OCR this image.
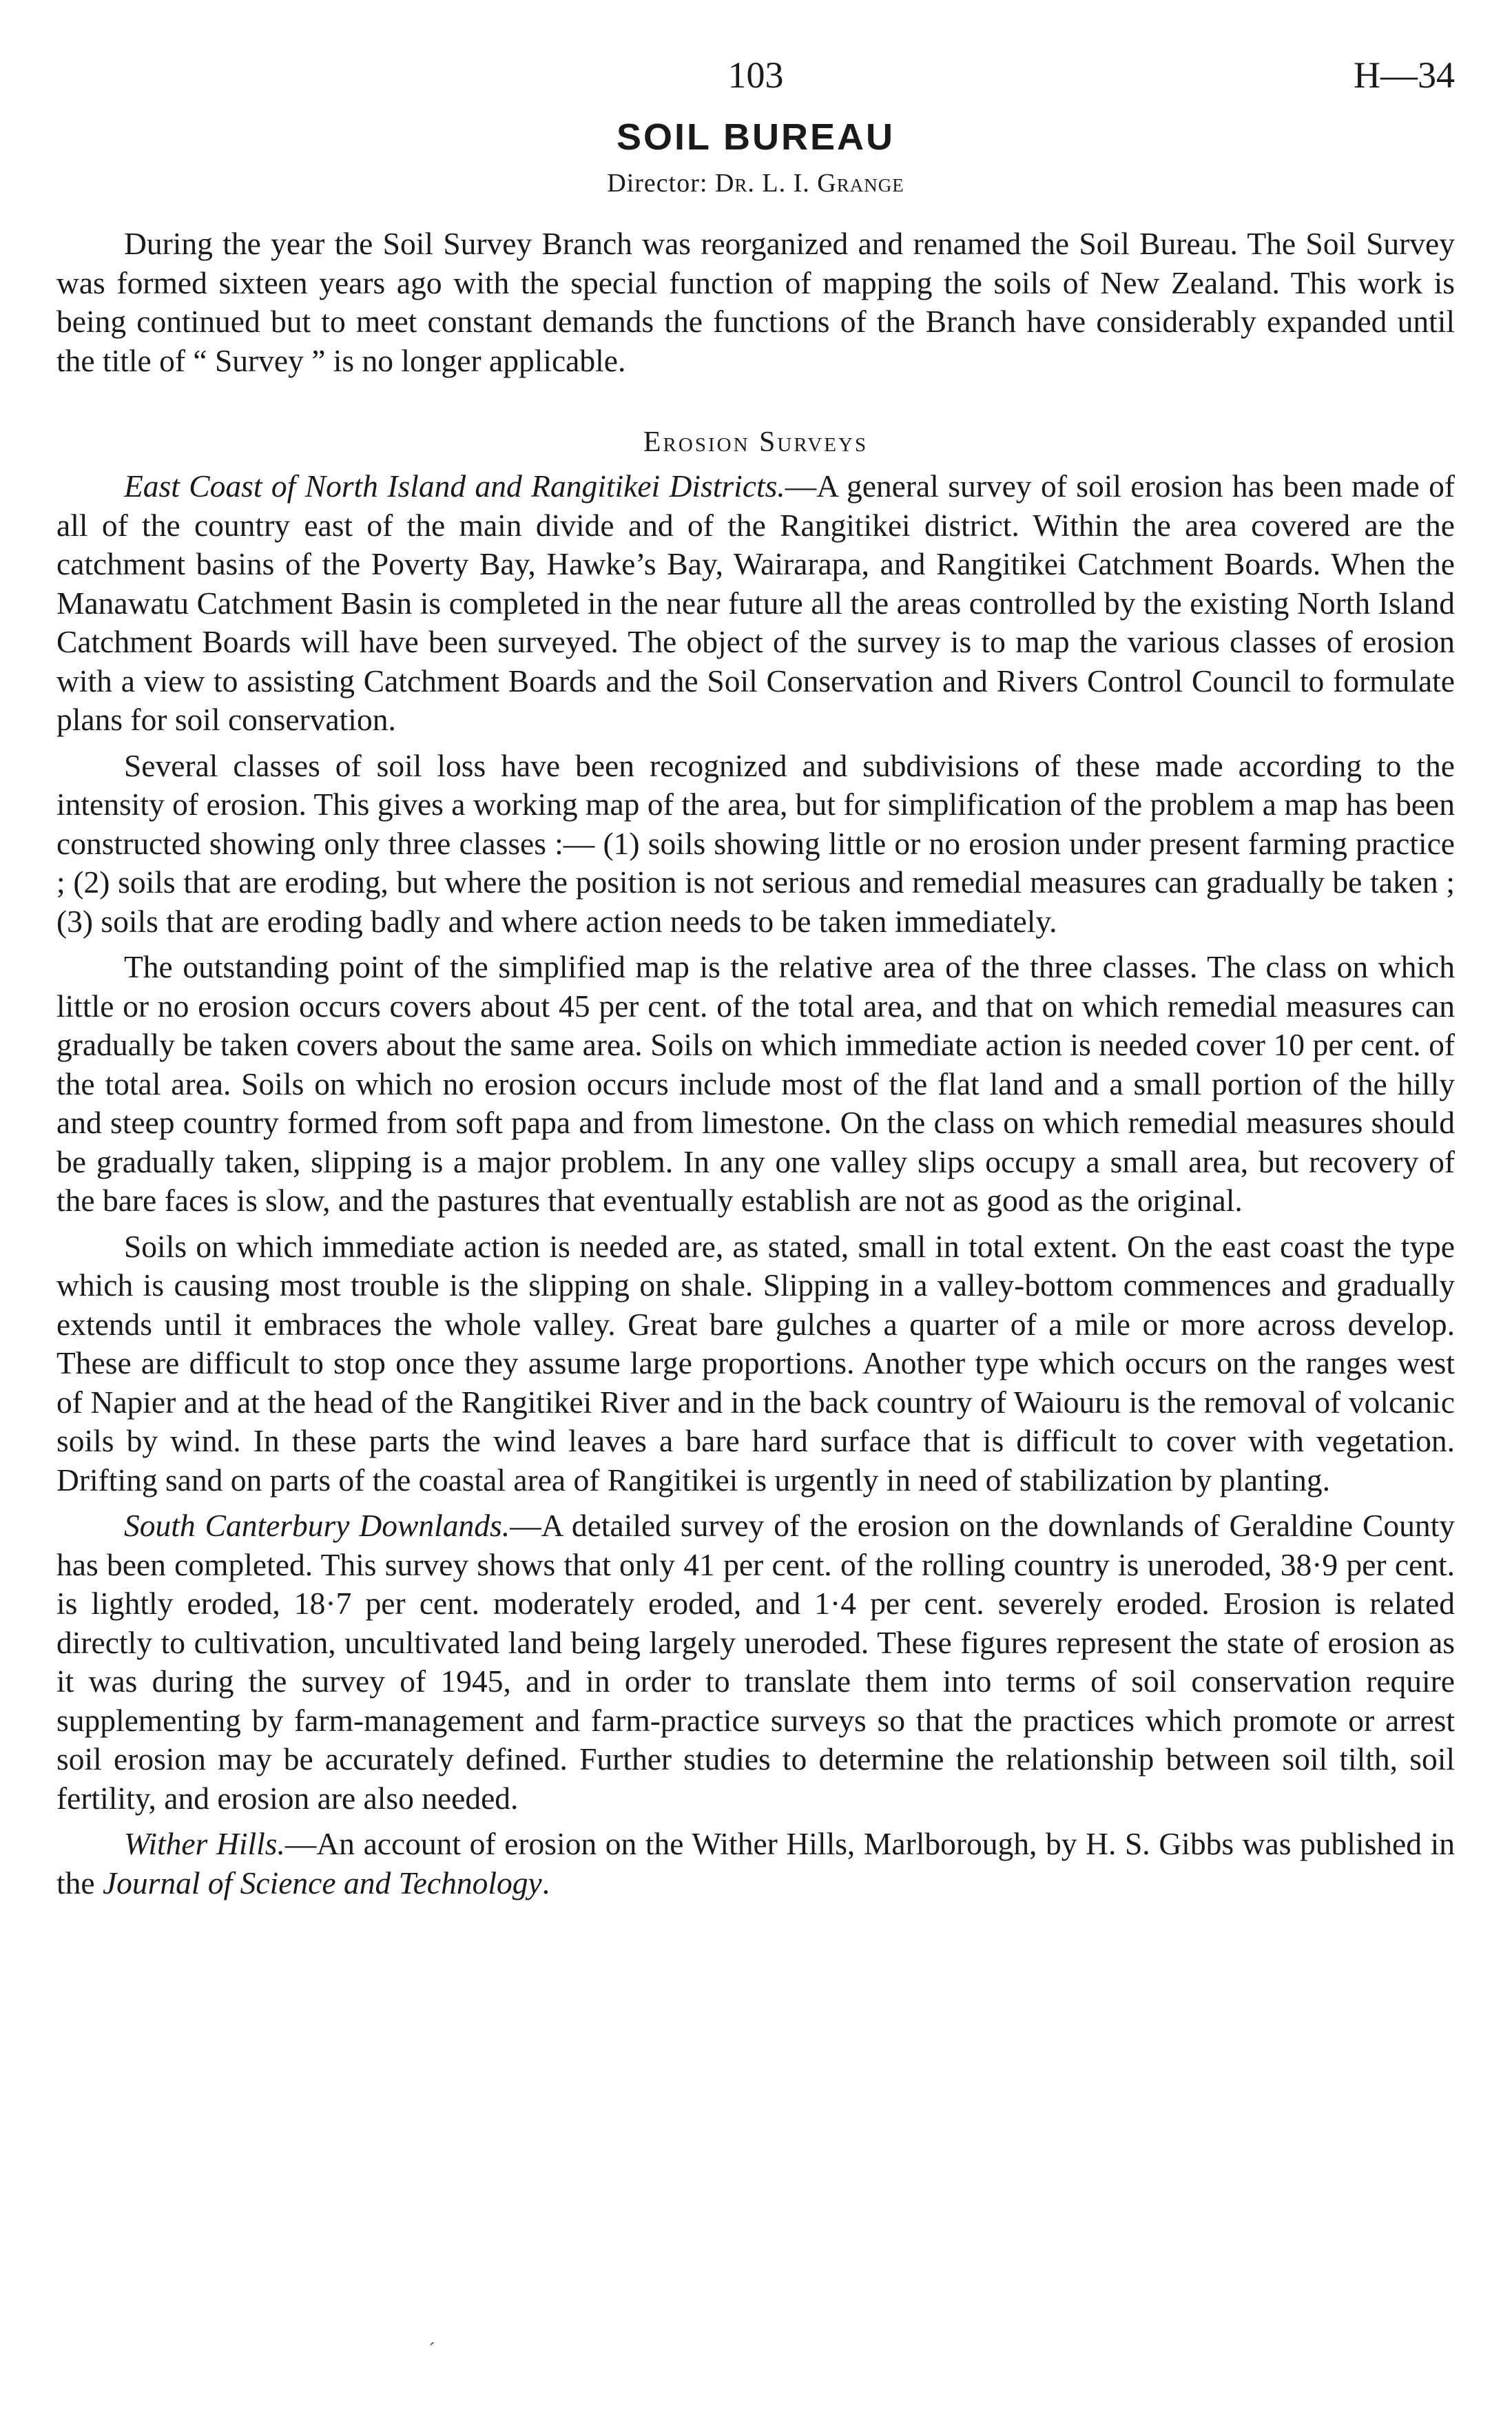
103	H—34
SOIL BUREAU
Director: Dr. L. I. Grange

During the year the Soil Survey Branch was reorganized and renamed the Soil Bureau. The Soil Survey was formed sixteen years ago with the special function of mapping the soils of New Zealand. This work is being continued but to meet constant demands the functions of the Branch have considerably expanded until the title of “ Survey ” is no longer applicable.

Erosion Surveys

East Coast of North Island and Rangitikei Districts.—A general survey of soil erosion has been made of all of the country east of the main divide and of the Rangitikei district. Within the area covered are the catchment basins of the Poverty Bay, Hawke’s Bay, Wairarapa, and Rangitikei Catchment Boards. When the Manawatu Catchment Basin is completed in the near future all the areas controlled by the existing North Island Catchment Boards will have been surveyed. The object of the survey is to map the various classes of erosion with a view to assisting Catchment Boards and the Soil Conservation and Rivers Control Council to formulate plans for soil conservation.

Several classes of soil loss have been recognized and subdivisions of these made according to the intensity of erosion. This gives a working map of the area, but for simplification of the problem a map has been constructed showing only three classes :— (1) soils showing little or no erosion under present farming practice ; (2) soils that are eroding, but where the position is not serious and remedial measures can gradually be taken ; (3) soils that are eroding badly and where action needs to be taken immediately.

The outstanding point of the simplified map is the relative area of the three classes. The class on which little or no erosion occurs covers about 45 per cent. of the total area, and that on which remedial measures can gradually be taken covers about the same area. Soils on which immediate action is needed cover 10 per cent. of the total area. Soils on which no erosion occurs include most of the flat land and a small portion of the hilly and steep country formed from soft papa and from limestone. On the class on which remedial measures should be gradually taken, slipping is a major problem. In any one valley slips occupy a small area, but recovery of the bare faces is slow, and the pastures that eventually establish are not as good as the original.

Soils on which immediate action is needed are, as stated, small in total extent. On the east coast the type which is causing most trouble is the slipping on shale. Slipping in a valley-bottom commences and gradually extends until it embraces the whole valley. Great bare gulches a quarter of a mile or more across develop. These are difficult to stop once they assume large proportions. Another type which occurs on the ranges west of Napier and at the head of the Rangitikei River and in the back country of Waiouru is the removal of volcanic soils by wind. In these parts the wind leaves a bare hard surface that is difficult to cover with vegetation. Drifting sand on parts of the coastal area of Rangitikei is urgently in need of stabilization by planting.

South Canterbury Downlands.—A detailed survey of the erosion on the downlands of Geraldine County has been completed. This survey shows that only 41 per cent. of the rolling country is uneroded, 38·9 per cent. is lightly eroded, 18·7 per cent. moderately eroded, and 1·4 per cent. severely eroded. Erosion is related directly to cultivation, uncultivated land being largely uneroded. These figures represent the state of erosion as it was during the survey of 1945, and in order to translate them into terms of soil conservation require supplementing by farm-management and farm-practice surveys so that the practices which promote or arrest soil erosion may be accurately defined. Further studies to determine the relationship between soil tilth, soil fertility, and erosion are also needed.

Wither Hills.—An account of erosion on the Wither Hills, Marlborough, by H. S. Gibbs was published in the Journal of Science and Technology.

´
